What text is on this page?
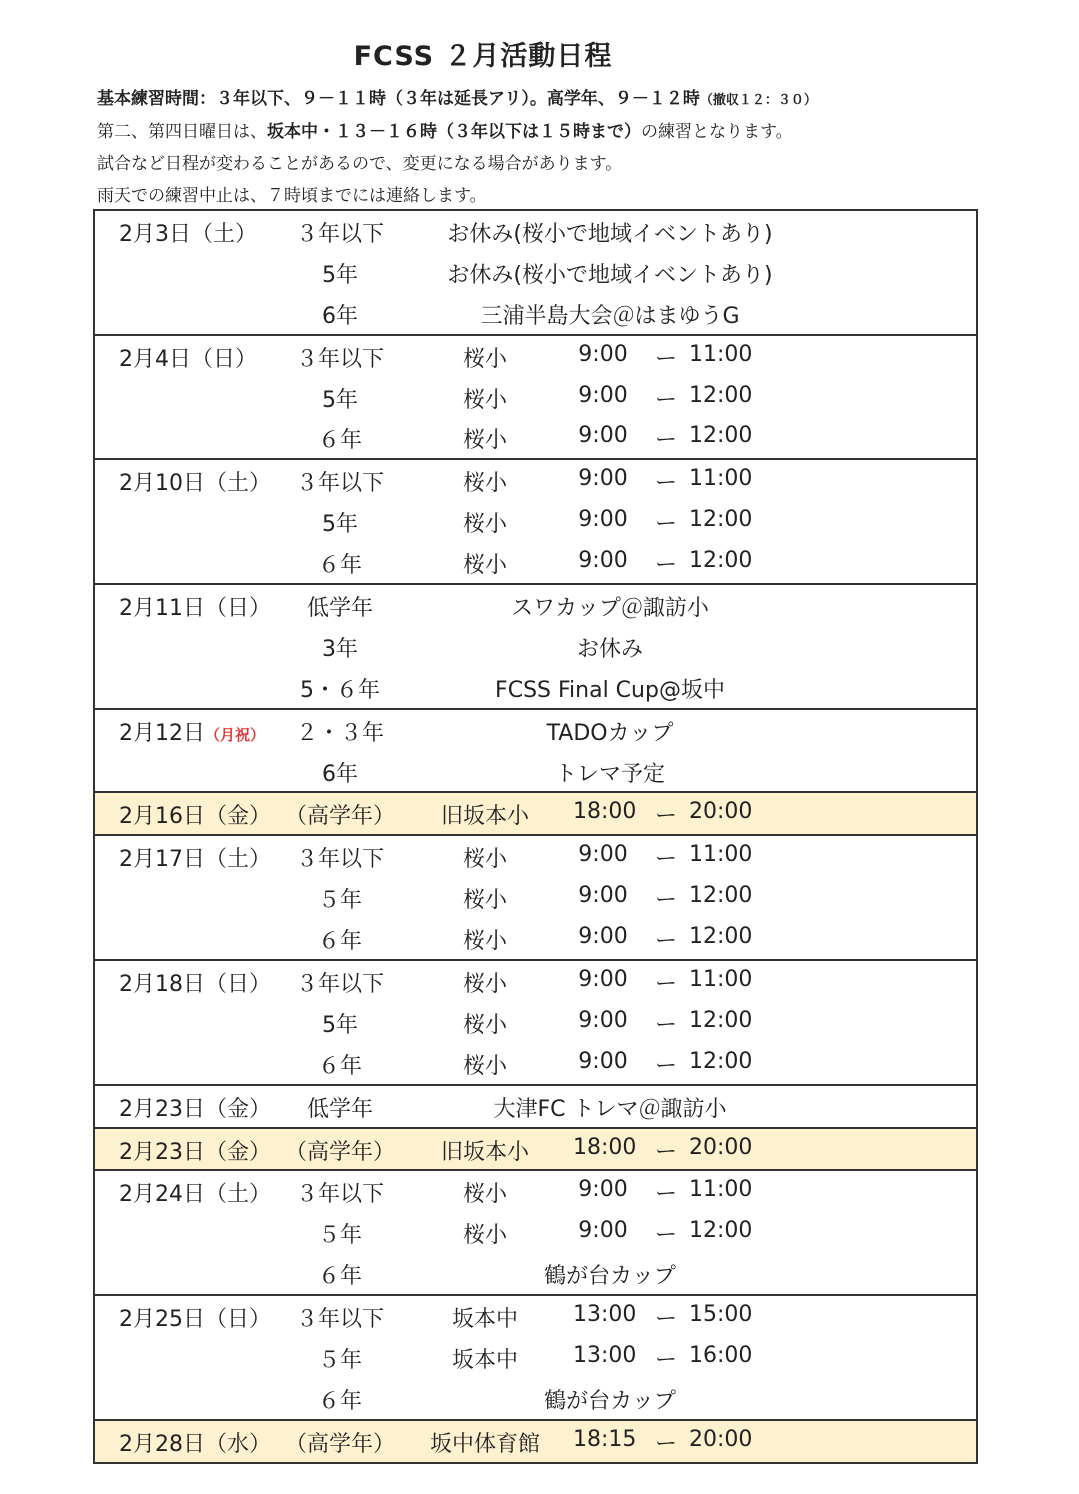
FCSS ２月活動日程
基本練習時間：３年以下、９－１１時（３年は延長アリ）。高学年、９－１２時（撤収１２：３０）
第二、第四日曜日は、坂本中・１３－１６時（３年以下は１５時まで）の練習となります。
試合など日程が変わることがあるので、変更になる場合があります。
雨天での練習中止は、７時頃までには連絡します。
2月3日（土）	３年以下	お休み(桜小で地域イベントあり)
5年	お休み(桜小で地域イベントあり)
6年	三浦半島大会＠はまゆうG
2月4日（日）	３年以下	桜小	9:00 ー 11:00
5年	桜小	9:00 ー 12:00
６年	桜小	9:00 ー 12:00
2月10日（土）	３年以下	桜小	9:00 ー 11:00
5年	桜小	9:00 ー 12:00
６年	桜小	9:00 ー 12:00
2月11日（日）	低学年	スワカップ＠諏訪小
3年	お休み
5・６年	FCSS Final Cup@坂中
2月12日（月祝）	２・３年	TADOカップ
6年	トレマ予定
2月16日（金） （高学年）	旧坂本小	18:00 ー 20:00
2月17日（土）	３年以下	桜小	9:00 ー 11:00
５年	桜小	9:00 ー 12:00
６年	桜小	9:00 ー 12:00
2月18日（日）	３年以下	桜小	9:00 ー 11:00
5年	桜小	9:00 ー 12:00
６年	桜小	9:00 ー 12:00
2月23日（金）	低学年	大津FC トレマ＠諏訪小
2月23日（金） （高学年）	旧坂本小	18:00 ー 20:00
2月24日（土）	３年以下	桜小	9:00 ー 11:00
５年	桜小	9:00 ー 12:00
６年	鶴が台カップ
2月25日（日）	３年以下	坂本中	13:00 ー 15:00
５年	坂本中	13:00 ー 16:00
６年	鶴が台カップ
2月28日（水） （高学年） 坂中体育館 18:15 ー 20:00
